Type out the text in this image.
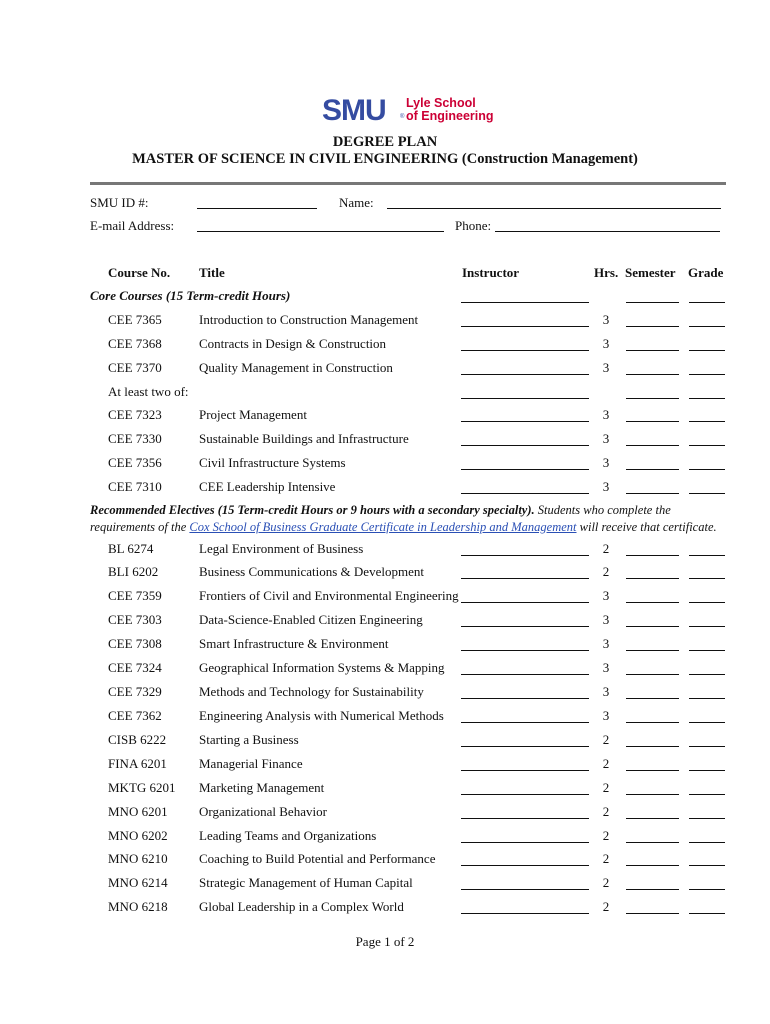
SMU ®
Lyle School
of Engineering
DEGREE PLAN
MASTER OF SCIENCE IN CIVIL ENGINEERING (Construction Management)
SMU ID #:	Name:
E-mail Address:	Phone:
Course No. Title	Instructor	Hrs. Semester Grade
Core Courses (15 Term-credit Hours)
CEE 7365	Introduction to Construction Management	3
CEE 7368	Contracts in Design & Construction	3
CEE 7370	Quality Management in Construction	3
At least two of:
CEE 7323	Project Management	3
CEE 7330	Sustainable Buildings and Infrastructure	3
CEE 7356	Civil Infrastructure Systems	3
CEE 7310	CEE Leadership Intensive	3
Recommended Electives (15 Term-credit Hours or 9 hours with a secondary specialty). Students who complete the requirements of the Cox School of Business Graduate Certificate in Leadership and Management will receive that certificate.
BL 6274	Legal Environment of Business	2
BLI 6202	Business Communications & Development	2
CEE 7359	Frontiers of Civil and Environmental Engineering	3
CEE 7303	Data-Science-Enabled Citizen Engineering	3
CEE 7308	Smart Infrastructure & Environment	3
CEE 7324	Geographical Information Systems & Mapping	3
CEE 7329	Methods and Technology for Sustainability	3
CEE 7362	Engineering Analysis with Numerical Methods	3
CISB 6222	Starting a Business	2
FINA 6201 Managerial Finance	2
MKTG 6201 Marketing Management	2
MNO 6201 Organizational Behavior	2
MNO 6202 Leading Teams and Organizations	2
MNO 6210 Coaching to Build Potential and Performance	2
MNO 6214 Strategic Management of Human Capital	2
MNO 6218 Global Leadership in a Complex World	2
Page 1 of 2
